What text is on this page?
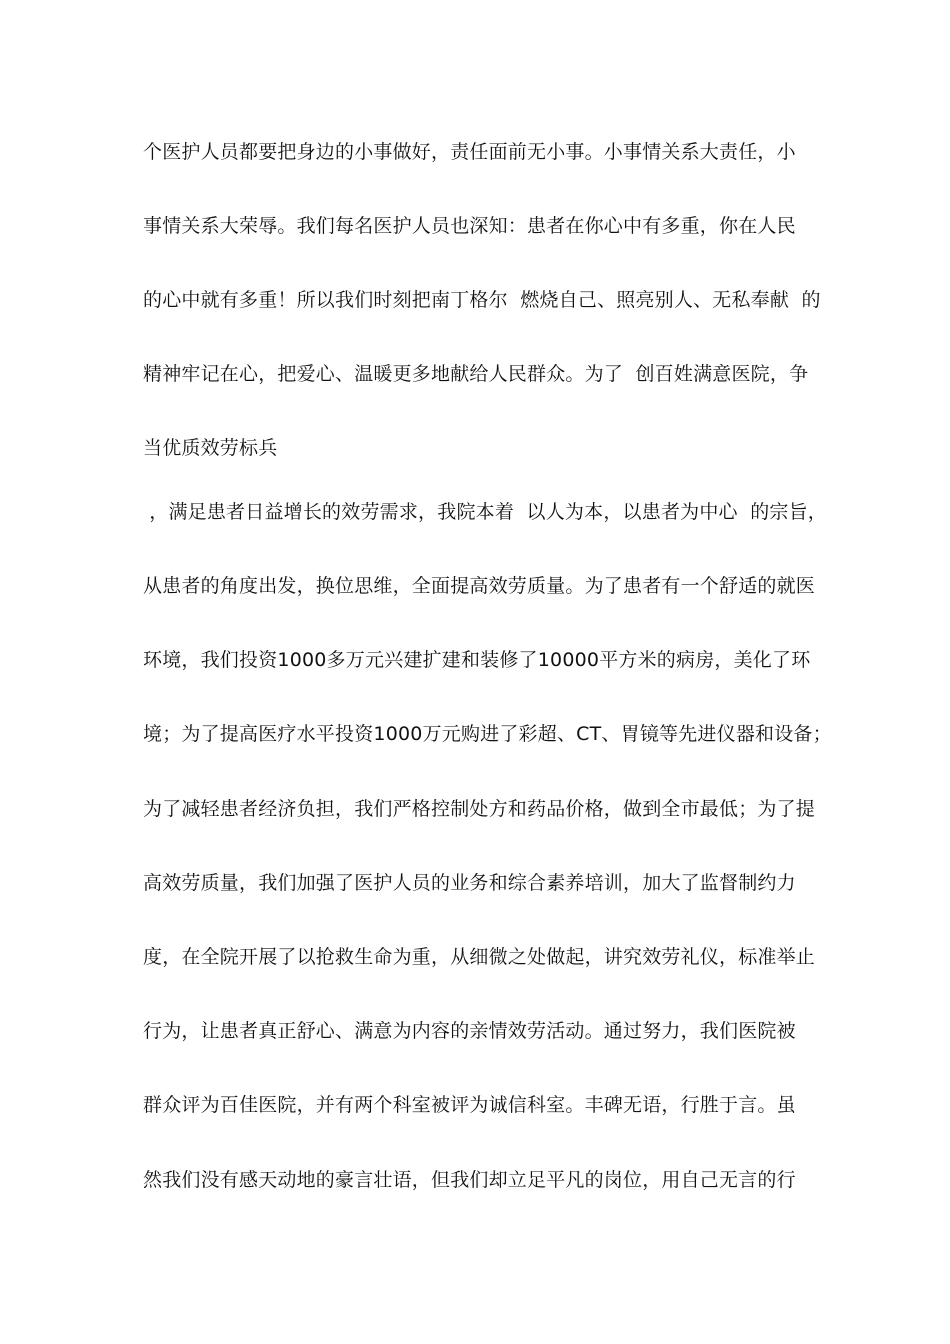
个医护人员都要把身边的小事做好，责任面前无小事。小事情关系大责任，小
事情关系大荣辱。我们每名医护人员也深知：患者在你心中有多重，你在人民
的心中就有多重！所以我们时刻把南丁格尔  燃烧自己、照亮别人、无私奉献  的
精神牢记在心，把爱心、温暖更多地献给人民群众。为了  创百姓满意医院，争
当优质效劳标兵
，满足患者日益增长的效劳需求，我院本着  以人为本，以患者为中心  的宗旨，
从患者的角度出发，换位思维，全面提高效劳质量。为了患者有一个舒适的就医
环境，我们投资1000多万元兴建扩建和装修了10000平方米的病房，美化了环
境；为了提高医疗水平投资1000万元购进了彩超、CT、胃镜等先进仪器和设备；
为了减轻患者经济负担，我们严格控制处方和药品价格，做到全市最低；为了提
高效劳质量，我们加强了医护人员的业务和综合素养培训，加大了监督制约力
度，在全院开展了以抢救生命为重，从细微之处做起，讲究效劳礼仪，标准举止
行为，让患者真正舒心、满意为内容的亲情效劳活动。通过努力，我们医院被
群众评为百佳医院，并有两个科室被评为诚信科室。丰碑无语，行胜于言。虽
然我们没有感天动地的豪言壮语，但我们却立足平凡的岗位，用自己无言的行
